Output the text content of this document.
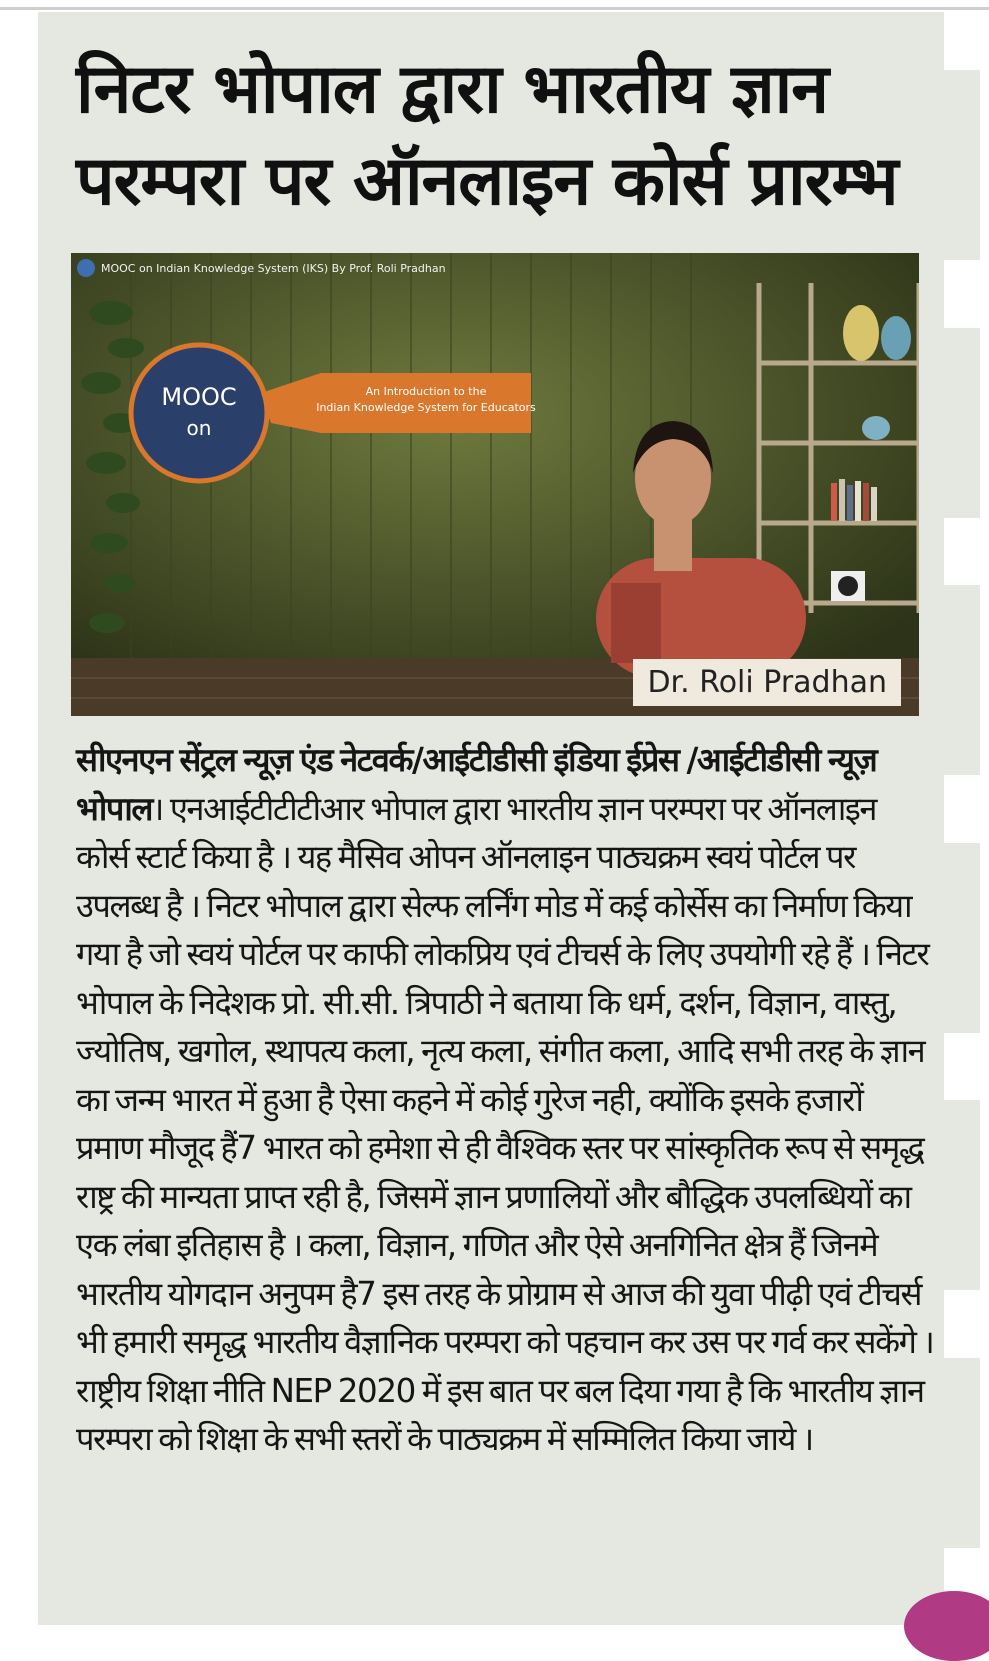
निटर भोपाल द्वारा भारतीय ज्ञान परम्परा पर ऑनलाइन कोर्स प्रारम्भ
MOOC
on
An Introduction to the
Indian Knowledge System for Educators
MOOC on Indian Knowledge System (IKS) By Prof. Roli Pradhan
Dr. Roli Pradhan

सीएनएन सेंट्रल न्यूज़ एंड नेटवर्क/आईटीडीसी इंडिया ईप्रेस /आईटीडीसी न्यूज़ भोपाल। एनआईटीटीटीआर भोपाल द्वारा भारतीय ज्ञान परम्परा पर ऑनलाइन कोर्स स्टार्ट किया है । यह मैसिव ओपन ऑनलाइन पाठ्यक्रम स्वयं पोर्टल पर उपलब्ध है । निटर भोपाल द्वारा सेल्फ लर्निंग मोड में कई कोर्सेस का निर्माण किया गया है जो स्वयं पोर्टल पर काफी लोकप्रिय एवं टीचर्स के लिए उपयोगी रहे हैं । निटर भोपाल के निदेशक प्रो. सी.सी. त्रिपाठी ने बताया कि धर्म, दर्शन, विज्ञान, वास्तु, ज्योतिष, खगोल, स्थापत्य कला, नृत्य कला, संगीत कला, आदि सभी तरह के ज्ञान का जन्म भारत में हुआ है ऐसा कहने में कोई गुरेज नही, क्योंकि इसके हजारों प्रमाण मौजूद हैं7 भारत को हमेशा से ही वैश्विक स्तर पर सांस्कृतिक रूप से समृद्ध राष्ट्र की मान्यता प्राप्त रही है, जिसमें ज्ञान प्रणालियों और बौद्धिक उपलब्धियों का एक लंबा इतिहास है । कला, विज्ञान, गणित और ऐसे अनगिनित क्षेत्र हैं जिनमे भारतीय योगदान अनुपम है7 इस तरह के प्रोग्राम से आज की युवा पीढ़ी एवं टीचर्स भी हमारी समृद्ध भारतीय वैज्ञानिक परम्परा को पहचान कर उस पर गर्व कर सकेंगे । राष्ट्रीय शिक्षा नीति NEP 2020 में इस बात पर बल दिया गया है कि भारतीय ज्ञान परम्परा को शिक्षा के सभी स्तरों के पाठ्यक्रम में सम्मिलित किया जाये ।
